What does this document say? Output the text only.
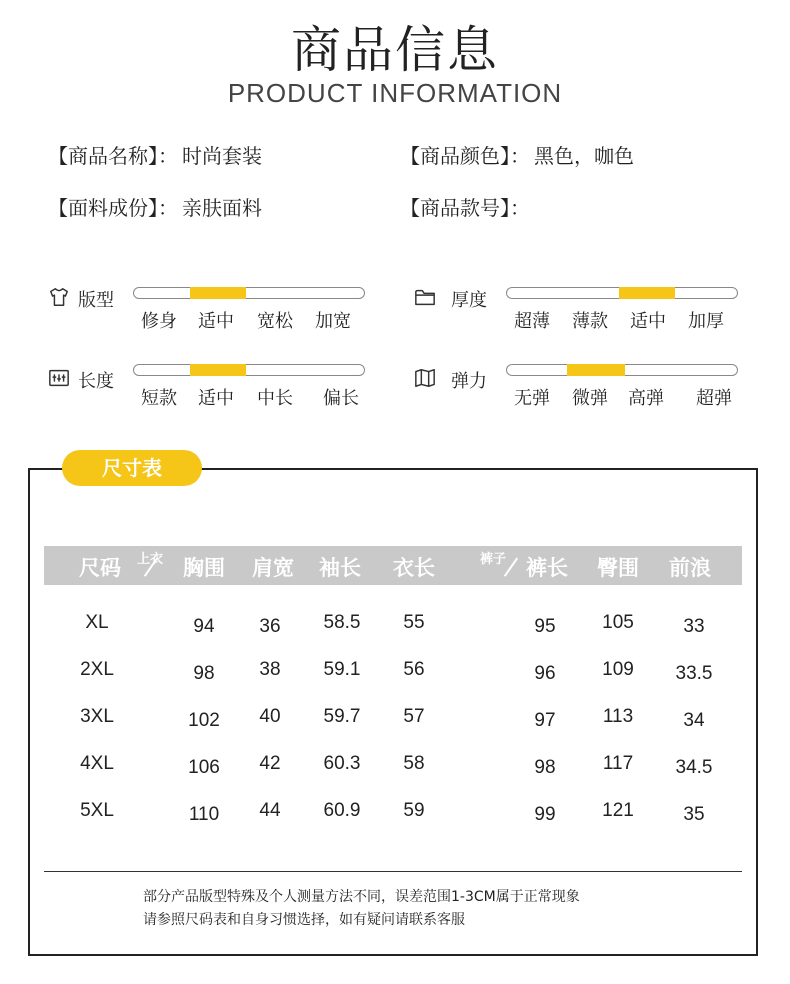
商品信息
PRODUCT INFORMATION
【商品名称】： 时尚套装	【商品颜色】： 黑色，咖色
【面料成份】： 亲肤面料	【商品款号】：
版型
修身 适中 宽松 加宽
厚度
超薄 薄款 适中 加厚
长度
短款 适中 中长 偏长
弹力
无弹 微弹 高弹 超弹
尺寸表
尺码	上衣 胸围	肩宽	袖长	衣长	裤子 裤长	臀围	前浪
XL	94	36	58.5	55	95	105	33
2XL	98	38	59.1	56	96	109	33.5
3XL	102	40	59.7	57	97	113	34
4XL	106	42	60.3	58	98	117	34.5
5XL	110	44	60.9	59	99	121	35
部分产品版型特殊及个人测量方法不同，误差范围1-3CM属于正常现象
请参照尺码表和自身习惯选择，如有疑问请联系客服
